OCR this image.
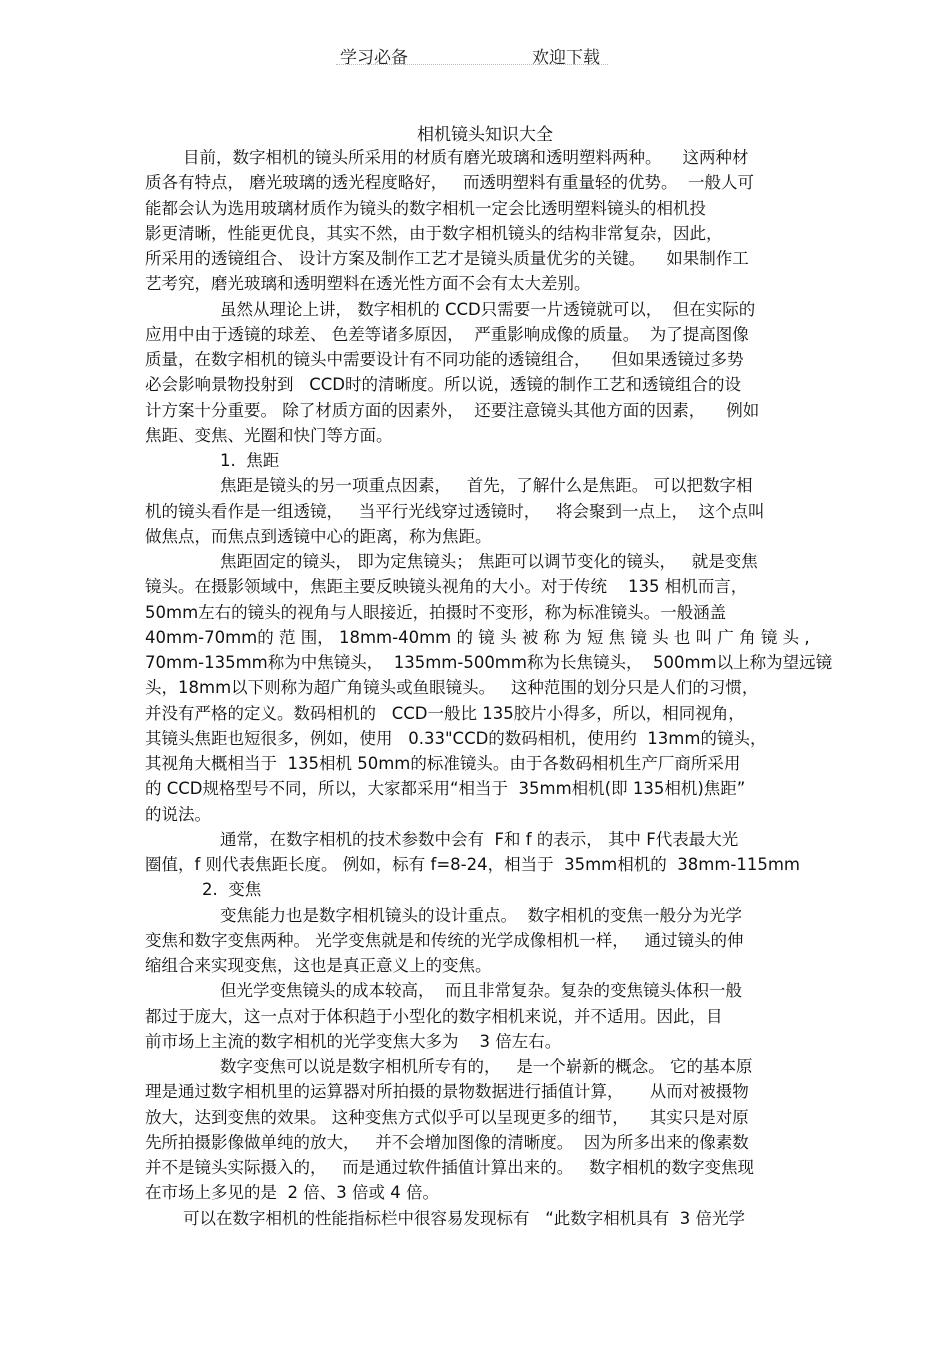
学习必备	欢迎下载
相机镜头知识大全
目前，数字相机的镜头所采用的材质有磨光玻璃和透明塑料两种。    这两种材
质各有特点， 磨光玻璃的透光程度略好，   而透明塑料有重量轻的优势。  一般人可
能都会认为选用玻璃材质作为镜头的数字相机一定会比透明塑料镜头的相机投
影更清晰，性能更优良，其实不然，由于数字相机镜头的结构非常复杂，因此，
所采用的透镜组合、 设计方案及制作工艺才是镜头质量优劣的关键。    如果制作工
艺考究，磨光玻璃和透明塑料在透光性方面不会有太大差别。
虽然从理论上讲， 数字相机的 CCD只需要一片透镜就可以，  但在实际的
应用中由于透镜的球差、 色差等诸多原因，  严重影响成像的质量。  为了提高图像
质量，在数字相机的镜头中需要设计有不同功能的透镜组合，    但如果透镜过多势
必会影响景物投射到   CCD时的清晰度。所以说，透镜的制作工艺和透镜组合的设
计方案十分重要。 除了材质方面的因素外，  还要注意镜头其他方面的因素，    例如
焦距、变焦、光圈和快门等方面。
1.  焦距
焦距是镜头的另一项重点因素，   首先，了解什么是焦距。 可以把数字相
机的镜头看作是一组透镜，   当平行光线穿过透镜时，   将会聚到一点上，  这个点叫
做焦点，而焦点到透镜中心的距离，称为焦距。
焦距固定的镜头， 即为定焦镜头； 焦距可以调节变化的镜头，   就是变焦
镜头。在摄影领域中，焦距主要反映镜头视角的大小。对于传统    135 相机而言，
50mm左右的镜头的视角与人眼接近，拍摄时不变形，称为标准镜头。一般涵盖
40mm-70mm的 范 围， 18mm-40mm 的 镜 头 被 称 为 短 焦 镜 头 也 叫 广 角 镜 头 ,
70mm-135mm称为中焦镜头，  135mm-500mm称为长焦镜头，  500mm以上称为望远镜
头，18mm以下则称为超广角镜头或鱼眼镜头。   这种范围的划分只是人们的习惯，
并没有严格的定义。数码相机的   CCD一般比 135胶片小得多，所以，相同视角，
其镜头焦距也短很多，例如，使用   0.33"CCD的数码相机，使用约  13mm的镜头，
其视角大概相当于  135相机 50mm的标准镜头。由于各数码相机生产厂商所采用
的 CCD规格型号不同，所以，大家都采用“相当于  35mm相机(即 135相机)焦距”
的说法。
通常，在数字相机的技术参数中会有  F和 f 的表示， 其中 F代表最大光
圈值，f 则代表焦距长度。 例如，标有 f=8-24，相当于  35mm相机的  38mm-115mm
2.  变焦
变焦能力也是数字相机镜头的设计重点。  数字相机的变焦一般分为光学
变焦和数字变焦两种。 光学变焦就是和传统的光学成像相机一样，   通过镜头的伸
缩组合来实现变焦，这也是真正意义上的变焦。
但光学变焦镜头的成本较高，  而且非常复杂。复杂的变焦镜头体积一般
都过于庞大，这一点对于体积趋于小型化的数字相机来说，并不适用。因此，目
前市场上主流的数字相机的光学变焦大多为    3 倍左右。
数字变焦可以说是数字相机所专有的，   是一个崭新的概念。 它的基本原
理是通过数字相机里的运算器对所拍摄的景物数据进行插值计算，     从而对被摄物
放大，达到变焦的效果。 这种变焦方式似乎可以呈现更多的细节，    其实只是对原
先所拍摄影像做单纯的放大，   并不会增加图像的清晰度。  因为所多出来的像素数
并不是镜头实际摄入的，   而是通过软件插值计算出来的。   数字相机的数字变焦现
在市场上多见的是  2 倍、3 倍或 4 倍。
可以在数字相机的性能指标栏中很容易发现标有   “此数字相机具有  3 倍光学
